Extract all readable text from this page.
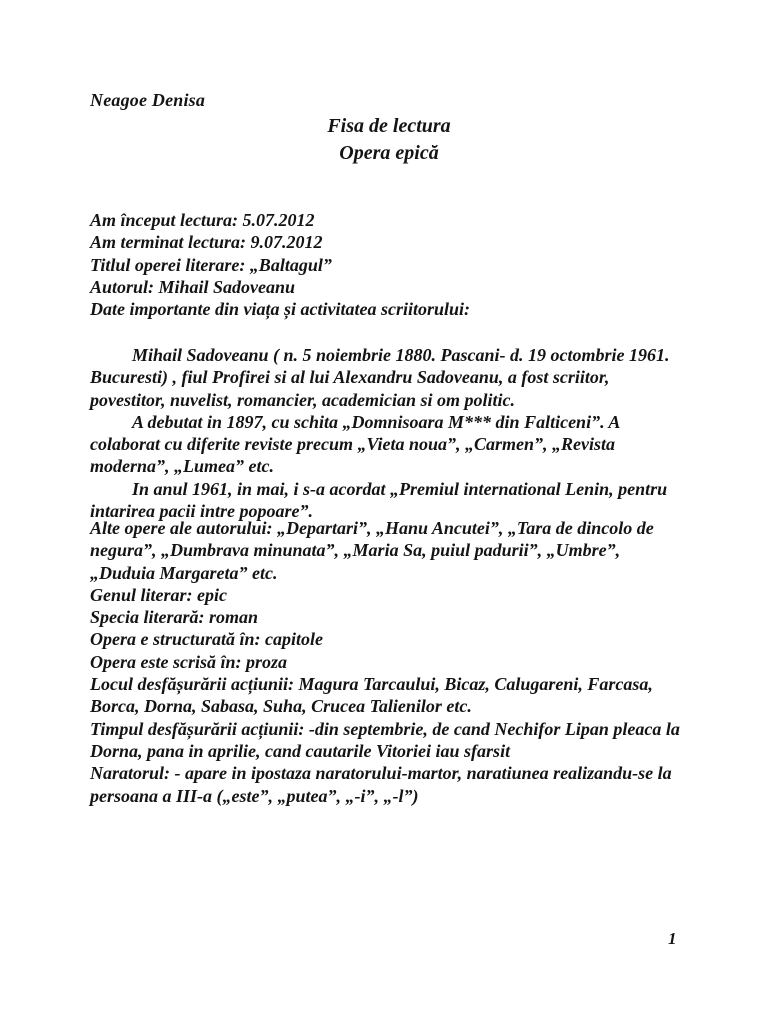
Neagoe Denisa
Fisa de lectura
Opera epică
Am început lectura: 5.07.2012
Am terminat lectura: 9.07.2012
Titlul operei literare: „Baltagul”
Autorul: Mihail Sadoveanu
Date importante din viața și activitatea scriitorului:

Mihail Sadoveanu ( n. 5 noiembrie 1880. Pascani- d. 19 octombrie 1961. Bucuresti) , fiul Profirei si al lui Alexandru Sadoveanu, a fost scriitor, povestitor, nuvelist, romancier, academician si om politic.

A debutat in 1897, cu schita „Domnisoara M*** din Falticeni”. A colaborat cu diferite reviste precum „Vieta noua”, „Carmen”, „Revista moderna”, „Lumea” etc.

In anul 1961, in mai, i s-a acordat „Premiul international Lenin, pentru intarirea pacii intre popoare”.

Alte opere ale autorului: „Departari”, „Hanu Ancutei”, „Tara de dincolo de negura”, „Dumbrava minunata”, „Maria Sa, puiul padurii”, „Umbre”, „Duduia Margareta” etc.

Genul literar: epic

Specia literară: roman

Opera e structurată în: capitole

Opera este scrisă în: proza

Locul desfășurării acțiunii: Magura Tarcaului, Bicaz, Calugareni, Farcasa, Borca, Dorna, Sabasa, Suha, Crucea Talienilor etc.

Timpul desfășurării acțiunii: -din septembrie, de cand Nechifor Lipan pleaca la Dorna, pana in aprilie, cand cautarile Vitoriei iau sfarsit

Naratorul: - apare in ipostaza naratorului-martor, naratiunea realizandu-se la persoana a III-a („este”, „putea”, „-i”, „-l”)

1
